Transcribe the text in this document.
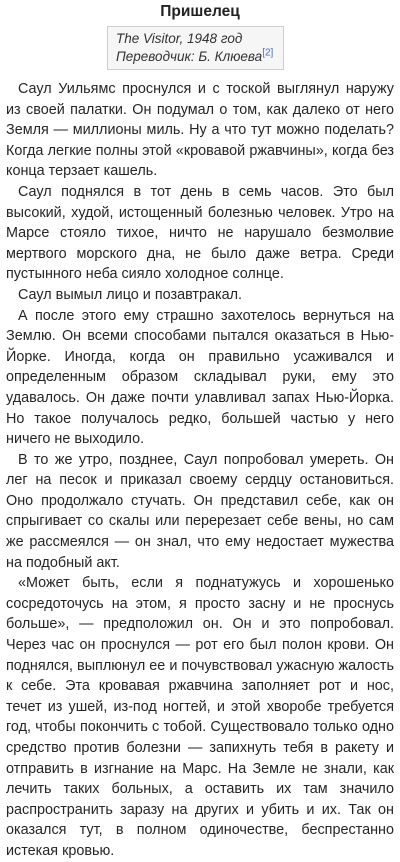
Пришелец
The Visitor, 1948 год
Переводчик: Б. Клюева[2]

Саул Уильямс проснулся и с тоской выглянул наружу из своей палатки. Он подумал о том, как далеко от него Земля — миллионы миль. Ну а что тут можно поделать? Когда легкие полны этой «кровавой ржавчины», когда без конца терзает кашель.

Саул поднялся в тот день в семь часов. Это был высокий, худой, истощенный болезнью человек. Утро на Марсе стояло тихое, ничто не нарушало безмолвие мертвого морского дна, не было даже ветра. Среди пустынного неба сияло холодное солнце.

Саул вымыл лицо и позавтракал.

А после этого ему страшно захотелось вернуться на Землю. Он всеми способами пытался оказаться в Нью-Йорке. Иногда, когда он правильно усаживался и определенным образом складывал руки, ему это удавалось. Он даже почти улавливал запах Нью-Йорка. Но такое получалось редко, большей частью у него ничего не выходило.

В то же утро, позднее, Саул попробовал умереть. Он лег на песок и приказал своему сердцу остановиться. Оно продолжало стучать. Он представил себе, как он спрыгивает со скалы или перерезает себе вены, но сам же рассмеялся — он знал, что ему недостает мужества на подобный акт.

«Может быть, если я поднатужусь и хорошенько сосредоточусь на этом, я просто засну и не проснусь больше», — предположил он. Он и это попробовал. Через час он проснулся — рот его был полон крови. Он поднялся, выплюнул ее и почувствовал ужасную жалость к себе. Эта кровавая ржавчина заполняет рот и нос, течет из ушей, из-под ногтей, и этой хворобе требуется год, чтобы покончить с тобой. Существовало только одно средство против болезни — запихнуть тебя в ракету и отправить в изгнание на Марс. На Земле не знали, как лечить таких больных, а оставить их там значило распространить заразу на других и убить и их. Так он оказался тут, в полном одиночестве, беспрестанно истекая кровью.
